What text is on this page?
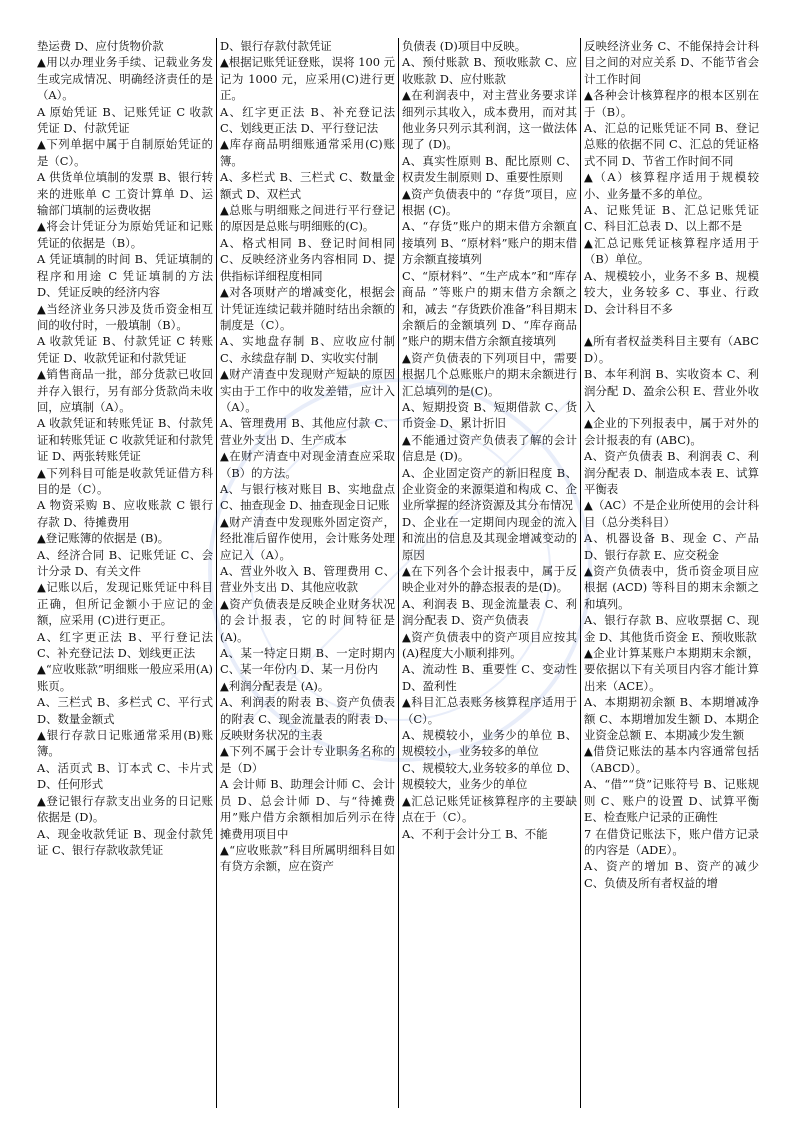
垫运费 D、应付货物价款

▲用以办理业务手续、记载业务发生或完成情况、明确经济责任的是（A）。

A 原始凭证 B、记账凭证 C 收款凭证 D、付款凭证

▲下列单据中属于自制原始凭证的是（C）。

A 供货单位填制的发票 B、银行转来的进账单 C 工资计算单 D、运输部门填制的运费收据

▲将会计凭证分为原始凭证和记账凭证的依据是（B）。

A 凭证填制的时间 B、凭证填制的程序和用途 C 凭证填制的方法 D、凭证反映的经济内容

▲当经济业务只涉及货币资金相互间的收付时，一般填制（B）。

A 收款凭证 B、付款凭证 C 转账凭证 D、收款凭证和付款凭证

▲销售商品一批，部分货款已收回并存入银行，另有部分货款尚未收回，应填制（A）。

A 收款凭证和转账凭证 B、付款凭证和转账凭证 C 收款凭证和付款凭证 D、两张转账凭证

▲下列科目可能是收款凭证借方科目的是（C）。

A 物资采购 B、应收账款 C 银行存款 D、待摊费用

▲登记账簿的依据是 (B)。

A、经济合同 B、记账凭证 C、会计分录 D、有关文件

▲记账以后，发现记账凭证中科目正确，但所记金额小于应记的金额，应采用 (C)进行更正。

A、红字更正法 B、平行登记法 C、补充登记法 D、划线更正法

▲“应收账款”明细账一般应采用(A)账页。

A、三栏式 B、多栏式 C、平行式 D、数量金额式

▲银行存款日记账通常采用(B)账簿。

A、活页式 B、订本式 C、卡片式 D、任何形式

▲登记银行存款支出业务的日记账依据是 (D)。

A、现金收款凭证 B、现金付款凭证 C、银行存款收款凭证

D、银行存款付款凭证

▲根据记账凭证登账，误将 100 元记为 1000 元，应采用(C)进行更正。

A、红字更正法 B、补充登记法 C、划线更正法 D、平行登记法

▲库存商品明细账通常采用(C)账簿。

A、多栏式 B、三栏式 C、数量金额式 D、双栏式

▲总账与明细账之间进行平行登记的原因是总账与明细账的(C)。

A、格式相同 B、登记时间相同 C、反映经济业务内容相同 D、提供指标详细程度相同

▲对各项财产的增减变化，根据会计凭证连续记载并随时结出余额的制度是（C）。

A、实地盘存制 B、应收应付制 C、永续盘存制 D、实收实付制

▲财产清查中发现财产短缺的原因实由于工作中的收发差错，应计入（A）。

A、管理费用 B、其他应付款 C、营业外支出 D、生产成本

▲在财产清查中对现金清查应采取（B）的方法。

A、与银行核对账目 B、实地盘点 C、抽查现金 D、抽查现金日记账

▲财产清查中发现账外固定资产，经批准后留作使用，会计账务处理应记入（A）。

A、营业外收入 B、管理费用 C、营业外支出 D、其他应收款

▲资产负债表是反映企业财务状况的会计报表，它的时间特征是(A)。

A、某一特定日期 B、一定时期内 C、某一年份内 D、某一月份内

▲利润分配表是 (A)。

A、利润表的附表 B、资产负债表的附表 C、现金流量表的附表 D、反映财务状况的主表

▲下列不属于会计专业职务名称的是（D）

A 会计师 B、助理会计师 C、会计员 D、总会计师 D、与“待摊费用”账户借方余额相加后列示在待摊费用项目中

▲“应收账款”科目所属明细科目如有贷方余额，应在资产

负债表 (D)项目中反映。

A、预付账款 B、预收账款 C、应收账款 D、应付账款

▲在利润表中，对主营业务要求详细列示其收入，成本费用，而对其他业务只列示其利润，这一做法体现了 (D)。

A、真实性原则 B、配比原则 C、权责发生制原则 D、重要性原则

▲资产负债表中的 “存货”项目，应根据 (C)。

A、“存货”账户的期末借方余额直接填列 B、“原材料”账户的期末借方余额直接填列

C、“原材料”、“生产成本”和“库存商品 ”等账户的期末借方余额之和，减去 “存货跌价准备”科目期末余额后的金额填列 D、“库存商品 ”账户的期末借方余额直接填列

▲资产负债表的下列项目中，需要根据几个总账账户的期末余额进行汇总填列的是(C)。

A、短期投资 B、短期借款 C、货币资金 D、累计折旧

▲不能通过资产负债表了解的会计信息是 (D)。

A、企业固定资产的新旧程度 B、企业资金的来源渠道和构成 C、企业所掌握的经济资源及其分布情况

D、企业在一定期间内现金的流入和流出的信息及其现金增减变动的原因

▲在下列各个会计报表中，属于反映企业对外的静态报表的是(D)。

A、利润表 B、现金流量表 C、利润分配表 D、资产负债表

▲资产负债表中的资产项目应按其(A)程度大小顺利排列。

A、流动性 B、重要性 C、变动性 D、盈利性

▲科目汇总表账务核算程序适用于（C）。

A、规模较小，业务少的单位 B、规模较小，业务较多的单位

C、规模较大,业务较多的单位 D、规模较大，业务少的单位

▲汇总记账凭证核算程序的主要缺点在于（C）。

A、不利于会计分工 B、不能

反映经济业务 C、不能保持会计科目之间的对应关系 D、不能节省会计工作时间

▲各种会计核算程序的根本区别在于（B）。

A、汇总的记账凭证不同 B、登记总账的依据不同 C、汇总的凭证格式不同 D、节省工作时间不同

▲（A）核算程序适用于规模较小、业务量不多的单位。

A、记账凭证 B、汇总记账凭证 C、科目汇总表 D、以上都不是

▲汇总记账凭证核算程序适用于（B）单位。

A、规模较小，业务不多 B、规模较大，业务较多 C、事业、行政 D、会计科目不多

▲所有者权益类科目主要有（ABCD）。

B、本年利润 B、实收资本 C、利润分配 D、盈余公积 E、营业外收入

▲企业的下列报表中，属于对外的会计报表的有 (ABC)。

A、资产负债表 B、利润表 C、利润分配表 D、制造成本表 E、试算平衡表

▲（AC）不是企业所使用的会计科目（总分类科目）

A、机器设备 B、现金 C、产品 D、银行存款 E、应交税金

▲资产负债表中，货币资金项目应根据 (ACD) 等科目的期末余额之和填列。

A、银行存款 B、应收票据 C、现金 D、其他货币资金 E、预收账款

▲企业计算某账户本期期末余额，要依据以下有关项目内容才能计算出来（ACE）。

A、本期期初余额 B、本期增减净额 C、本期增加发生额 D、本期企业资金总额 E、本期减少发生额

▲借贷记账法的基本内容通常包括（ABCD）。

A、“借”“贷”记账符号 B、记账规则 C、账户的设置 D、试算平衡 E、检查账户记录的正确性

7 在借贷记账法下，账户借方记录的内容是（ADE）。

A、资产的增加 B、资产的减少 C、负债及所有者权益的增
